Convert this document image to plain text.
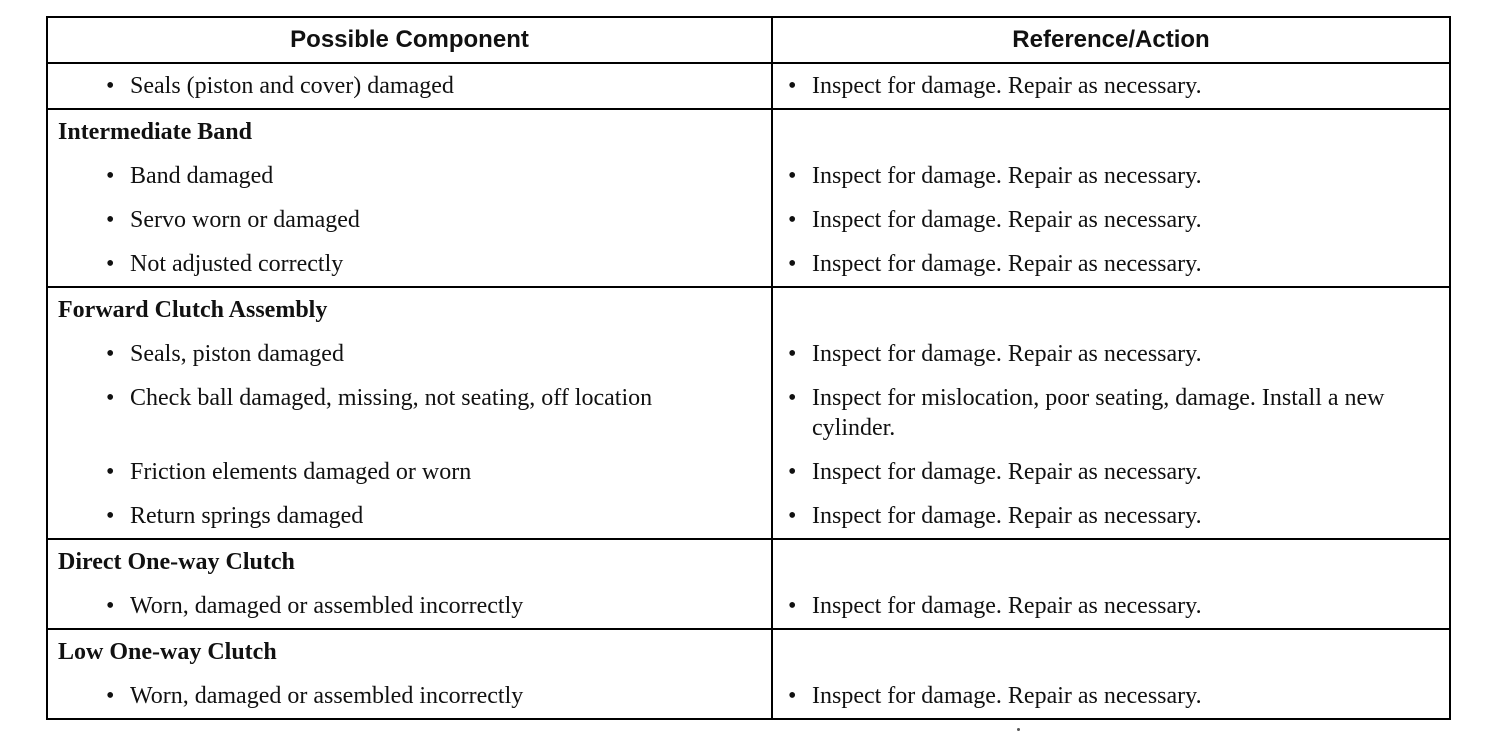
Possible Component	Reference/Action

• Seals (piston and cover) damaged	• Inspect for damage. Repair as necessary.

Intermediate Band	

• Band damaged	• Inspect for damage. Repair as necessary.

• Servo worn or damaged	• Inspect for damage. Repair as necessary.

• Not adjusted correctly	• Inspect for damage. Repair as necessary.

Forward Clutch Assembly	

• Seals, piston damaged	• Inspect for damage. Repair as necessary.

• Check ball damaged, missing, not seating, off location	• Inspect for mislocation, poor seating, damage. Install a new cylinder.

• Friction elements damaged or worn	• Inspect for damage. Repair as necessary.

• Return springs damaged	• Inspect for damage. Repair as necessary.

Direct One-way Clutch	

• Worn, damaged or assembled incorrectly	• Inspect for damage. Repair as necessary.

Low One-way Clutch	

• Worn, damaged or assembled incorrectly	• Inspect for damage. Repair as necessary.
